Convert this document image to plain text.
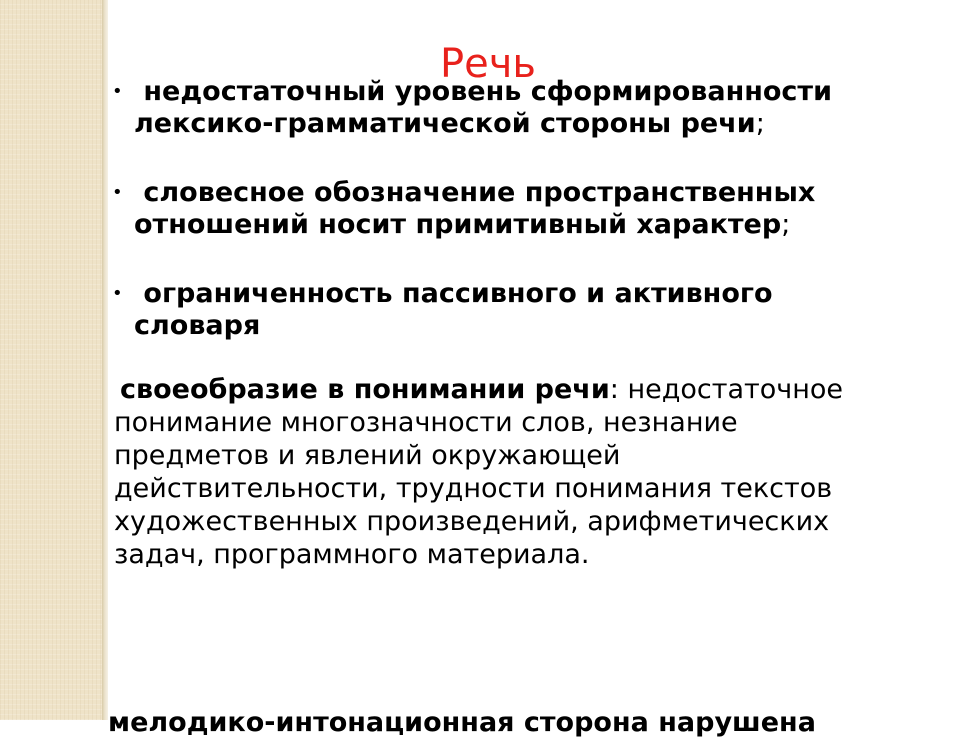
Речь
• недостаточный уровень сформированности лексико-грамматической стороны речи;
• словесное обозначение пространственных отношений носит примитивный характер;
• ограниченность пассивного и активного словаря
своеобразие в понимании речи: недостаточное понимание многозначности слов, незнание предметов и явлений окружающей действительности, трудности понимания текстов художественных произведений, арифметических задач, программного материала.
мелодико-интонационная сторона нарушена
